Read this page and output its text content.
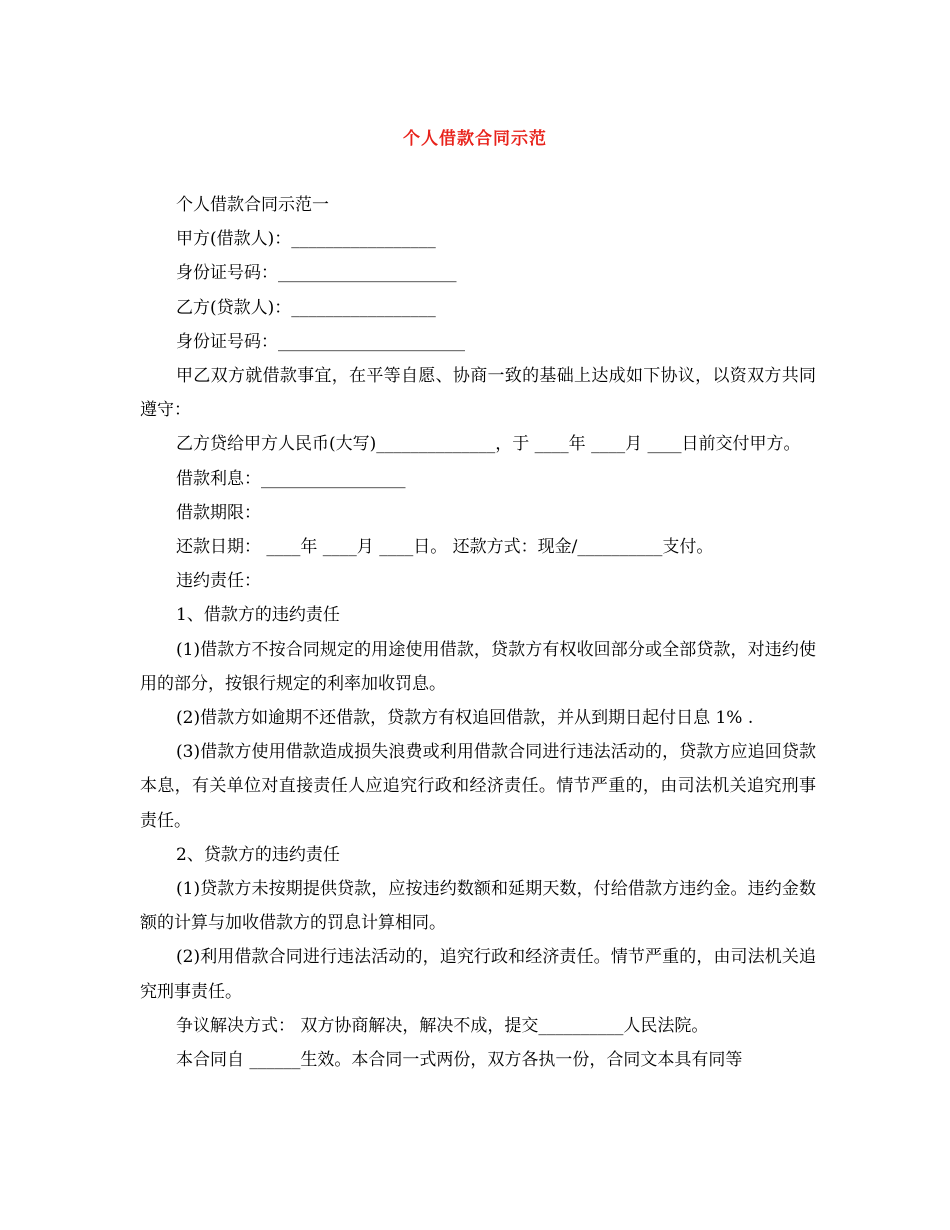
个人借款合同示范

个人借款合同示范一

甲方(借款人)：_________________

身份证号码：_____________________

乙方(贷款人)：_________________

身份证号码：______________________

甲乙双方就借款事宜，在平等自愿、协商一致的基础上达成如下协议，以资双方共同遵守：

乙方贷给甲方人民币(大写)______________，于 ____年 ____月 ____日前交付甲方。

借款利息：_________________

借款期限：

还款日期： ____年 ____月 ____日。 还款方式：现金/__________支付。

违约责任：

1、借款方的违约责任

(1)借款方不按合同规定的用途使用借款，贷款方有权收回部分或全部贷款，对违约使用的部分，按银行规定的利率加收罚息。

(2)借款方如逾期不还借款，贷款方有权追回借款，并从到期日起付日息 1% .

(3)借款方使用借款造成损失浪费或利用借款合同进行违法活动的，贷款方应追回贷款本息，有关单位对直接责任人应追究行政和经济责任。情节严重的，由司法机关追究刑事责任。

2、贷款方的违约责任

(1)贷款方未按期提供贷款，应按违约数额和延期天数，付给借款方违约金。违约金数额的计算与加收借款方的罚息计算相同。

(2)利用借款合同进行违法活动的，追究行政和经济责任。情节严重的，由司法机关追究刑事责任。

争议解决方式： 双方协商解决，解决不成，提交__________人民法院。

本合同自 ______生效。本合同一式两份，双方各执一份，合同文本具有同等
